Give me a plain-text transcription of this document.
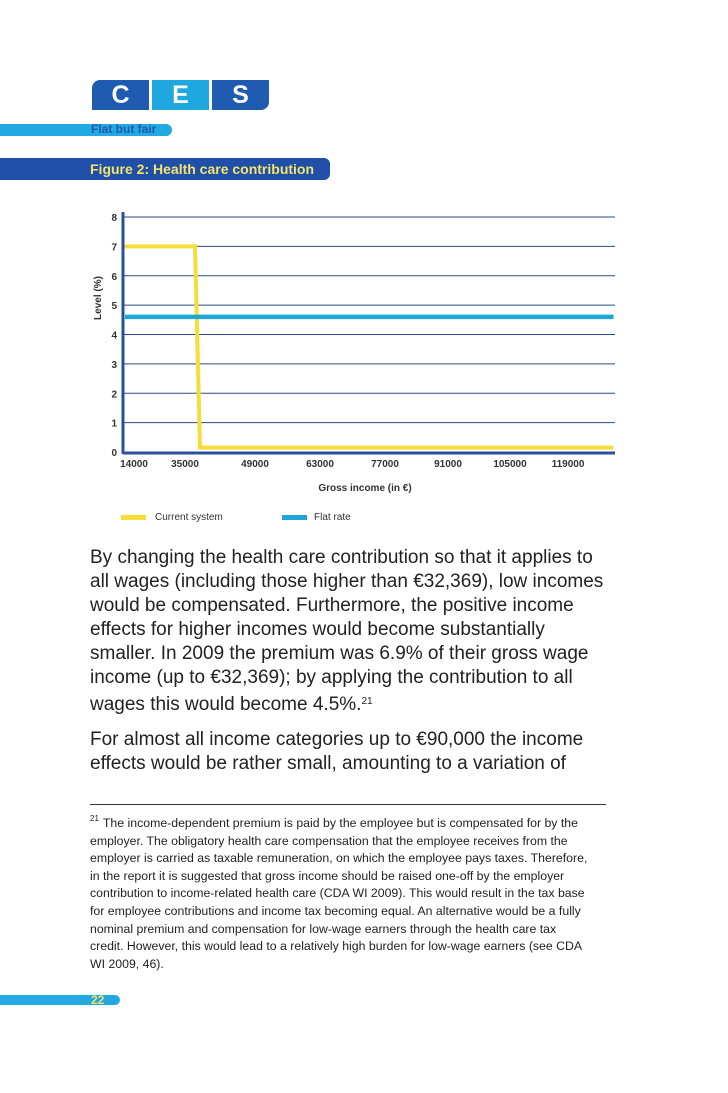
C	E	S
Flat but fair
Figure 2: Health care contribution
0
1
2
3
4
5
6
7
8
14000 35000	49000	63000	77000	91000	105000 119000
Gross income (in €)
Level (%)
Current system	Flat rate
By changing the health care contribution so that it applies to
all wages (including those higher than €32,369), low incomes
would be compensated. Furthermore, the positive income
effects for higher incomes would become substantially
smaller. In 2009 the premium was 6.9% of their gross wage
income (up to €32,369); by applying the contribution to all
wages this would become 4.5%.$^{21}$
For almost all income categories up to €90,000 the income
effects would be rather small, amounting to a variation of
$^{21}$ The income-dependent premium is paid by the employee but is compensated for by the
employer. The obligatory health care compensation that the employee receives from the
employer is carried as taxable remuneration, on which the employee pays taxes. Therefore,
in the report it is suggested that gross income should be raised one-off by the employer
contribution to income-related health care (CDA WI 2009). This would result in the tax base
for employee contributions and income tax becoming equal. An alternative would be a fully
nominal premium and compensation for low-wage earners through the health care tax
credit. However, this would lead to a relatively high burden for low-wage earners (see CDA
WI 2009, 46).
22
